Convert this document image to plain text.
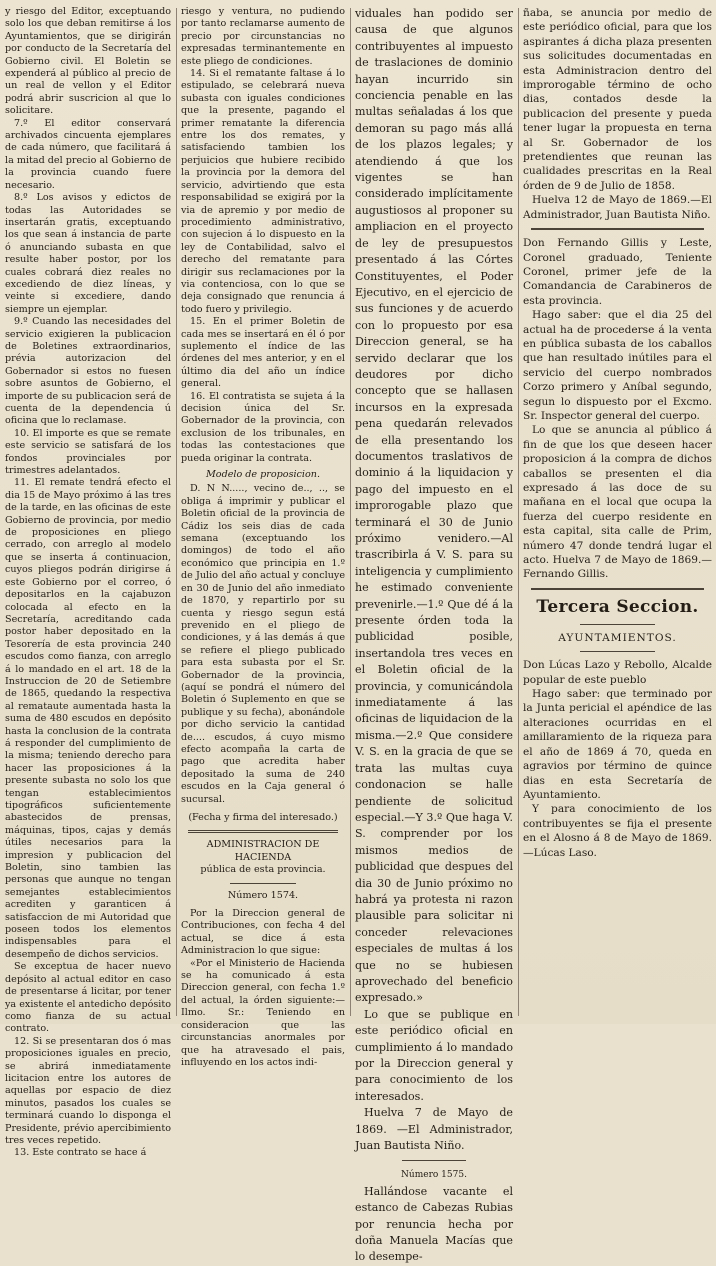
y riesgo del Editor, exceptuando solo los que deban remitirse á los Ayuntamientos, que se dirigirán por conducto de la Secretaría del Gobierno civil. El Boletin se expenderá al público al precio de un real de vellon y el Editor podrá abrir suscricion al que lo solicitare.

7.º El editor conservará archivados cincuenta ejemplares de cada número, que facilitará á la mitad del precio al Gobierno de la provincia cuando fuere necesario.

8.º Los avisos y edictos de todas las Autoridades se insertarán gratis, exceptuando los que sean á instancia de parte ó anunciando subasta en que resulte haber postor, por los cuales cobrará diez reales no excediendo de diez líneas, y veinte si excediere, dando siempre un ejemplar.

9.º Cuando las necesidades del servicio exigieren la publicacion de Boletines extraordinarios, prévia autorizacion del Gobernador si estos no fuesen sobre asuntos de Gobierno, el importe de su publicacion será de cuenta de la dependencia ú oficina que lo reclamase.

10. El importe es que se remate este servicio se satisfará de los fondos provinciales por trimestres adelantados.

11. El remate tendrá efecto el dia 15 de Mayo próximo á las tres de la tarde, en las oficinas de este Gobierno de provincia, por medio de proposiciones en pliego cerrado, con arreglo al modelo que se inserta á continuacion, cuyos pliegos podrán dirigirse á este Gobierno por el correo, ó depositarlos en la cajabuzon colocada al efecto en la Secretaría, acreditando cada postor haber depositado en la Tesorería de esta provincia 240 escudos como fianza, con arreglo á lo mandado en el art. 18 de la Instruccion de 20 de Setiembre de 1865, quedando la respectiva al remataute aumentada hasta la suma de 480 escudos en depósito hasta la conclusion de la contrata á responder del cumplimiento de la misma; teniendo derecho para hacer las proposiciones á la presente subasta no solo los que tengan establecimientos tipográficos suficientemente abastecidos de prensas, máquinas, tipos, cajas y demás útiles necesarios para la impresion y publicacion del Boletin, sino tambien las personas que aunque no tengan semejantes establecimientos acrediten y garanticen á satisfaccion de mi Autoridad que poseen todos los elementos indispensables para el desempeño de dichos servicios.

Se exceptua de hacer nuevo depósito al actual editor en caso de presentarse á licitar, por tener ya existente el antedicho depósito como fianza de su actual contrato.

12. Si se presentaran dos ó mas proposiciones iguales en precio, se abrirá inmediatamente licitacion entre los autores de aquellas por espacio de diez minutos, pasados los cuales se terminará cuando lo disponga el Presidente, prévio apercibimiento tres veces repetido.

13. Este contrato se hace á

riesgo y ventura, no pudiendo por tanto reclamarse aumento de precio por circunstancias no expresadas terminantemente en este pliego de condiciones.

14. Si el rematante faltase á lo estipulado, se celebrará nueva subasta con iguales condiciones que la presente, pagando el primer rematante la diferencia entre los dos remates, y satisfaciendo tambien los perjuicios que hubiere recibido la provincia por la demora del servicio, advirtiendo que esta responsabilidad se exigirá por la via de apremio y por medio de procedimiento administrativo, con sujecion á lo dispuesto en la ley de Contabilidad, salvo el derecho del rematante para dirigir sus reclamaciones por la via contenciosa, con lo que se deja consignado que renuncia á todo fuero y privilegio.

15. En el primer Boletin de cada mes se insertará en él ó por suplemento el índice de las órdenes del mes anterior, y en el último dia del año un índice general.

16. El contratista se sujeta á la decision única del Sr. Gobernador de la provincia, con exclusion de los tribunales, en todas las contestaciones que pueda originar la contrata.

Modelo de proposicion.

D. N N....., vecino de.., .., se obliga á imprimir y publicar el Boletin oficial de la provincia de Cádiz los seis dias de cada semana (exceptuando los domingos) de todo el año económico que principia en 1.º de Julio del año actual y concluye en 30 de Junio del año inmediato de 1870, y repartirlo por su cuenta y riesgo segun está prevenido en el pliego de condiciones, y á las demás á que se refiere el pliego publicado para esta subasta por el Sr. Gobernador de la provincia, (aquí se pondrá el número del Boletin ó Suplemento en que se publique y su fecha), abonándole por dicho servicio la cantidad de.... escudos, á cuyo mismo efecto acompaña la carta de pago que acredita haber depositado la suma de 240 escudos en la Caja general ó sucursal.

(Fecha y firma del interesado.)

ADMINISTRACION DE HACIENDA

pública de esta provincia.

Número 1574.

Por la Direccion general de Contribuciones, con fecha 4 del actual, se dice á esta Administracion lo que sigue:

«Por el Ministerio de Hacienda se ha comunicado á esta Direccion general, con fecha 1.º del actual, la órden siguiente:—Ilmo. Sr.: Teniendo en consideracion que las circunstancias anormales por que ha atravesado el pais, influyendo en los actos indi-

viduales han podido ser causa de que algunos contribuyentes al impuesto de traslaciones de dominio hayan incurrido sin conciencia penable en las multas señaladas á los que demoran su pago más allá de los plazos legales; y atendiendo á que los vigentes se han considerado implícitamente augustiosos al proponer su ampliacion en el proyecto de ley de presupuestos presentado á las Córtes Constituyentes, el Poder Ejecutivo, en el ejercicio de sus funciones y de acuerdo con lo propuesto por esa Direccion general, se ha servido declarar que los deudores por dicho concepto que se hallasen incursos en la expresada pena quedarán relevados de ella presentando los documentos traslativos de dominio á la liquidacion y pago del impuesto en el improrogable plazo que terminará el 30 de Junio próximo venidero.—Al trascribirla á V. S. para su inteligencia y cumplimiento he estimado conveniente prevenirle.—1.º Que dé á la presente órden toda la publicidad posible, insertandola tres veces en el Boletin oficial de la provincia, y comunicándola inmediatamente á las oficinas de liquidacion de la misma.—2.º Que considere V. S. en la gracia de que se trata las multas cuya condonacion se halle pendiente de solicitud especial.—Y 3.º Que haga V. S. comprender por los mismos medios de publicidad que despues del dia 30 de Junio próximo no habrá ya protesta ni razon plausible para solicitar ni conceder relevaciones especiales de multas á los que no se hubiesen aprovechado del beneficio expresado.»

Lo que se publique en este periódico oficial en cumplimiento á lo mandado por la Direccion general y para conocimiento de los interesados.

Huelva 7 de Mayo de 1869. —El Administrador, Juan Bautista Niño.

Número 1575.

Hallándose vacante el estanco de Cabezas Rubias por renuncia hecha por doña Manuela Macías que lo desempe-

ñaba, se anuncia por medio de este periódico oficial, para que los aspirantes á dicha plaza presenten sus solicitudes documentadas en esta Administracion dentro del improrogable término de ocho dias, contados desde la publicacion del presente y pueda tener lugar la propuesta en terna al Sr. Gobernador de los pretendientes que reunan las cualidades prescritas en la Real órden de 9 de Julio de 1858.

Huelva 12 de Mayo de 1869.—El Administrador, Juan Bautista Niño.

Don Fernando Gillis y Leste, Coronel graduado, Teniente Coronel, primer jefe de la Comandancia de Carabineros de esta provincia.

Hago saber: que el dia 25 del actual ha de procederse á la venta en pública subasta de los caballos que han resultado inútiles para el servicio del cuerpo nombrados Corzo primero y Aníbal segundo, segun lo dispuesto por el Excmo. Sr. Inspector general del cuerpo.

Lo que se anuncia al público á fin de que los que deseen hacer proposicion á la compra de dichos caballos se presenten el dia expresado á las doce de su mañana en el local que ocupa la fuerza del cuerpo residente en esta capital, sita calle de Prim, número 47 donde tendrá lugar el acto. Huelva 7 de Mayo de 1869.—Fernando Gillis.

Tercera Seccion.
AYUNTAMIENTOS.

Don Lúcas Lazo y Rebollo, Alcalde popular de este pueblo

Hago saber: que terminado por la Junta pericial el apéndice de las alteraciones ocurridas en el amillaramiento de la riqueza para el año de 1869 á 70, queda en agravios por término de quince dias en esta Secretaría de Ayuntamiento.

Y para conocimiento de los contribuyentes se fija el presente en el Alosno á 8 de Mayo de 1869.—Lúcas Laso.
